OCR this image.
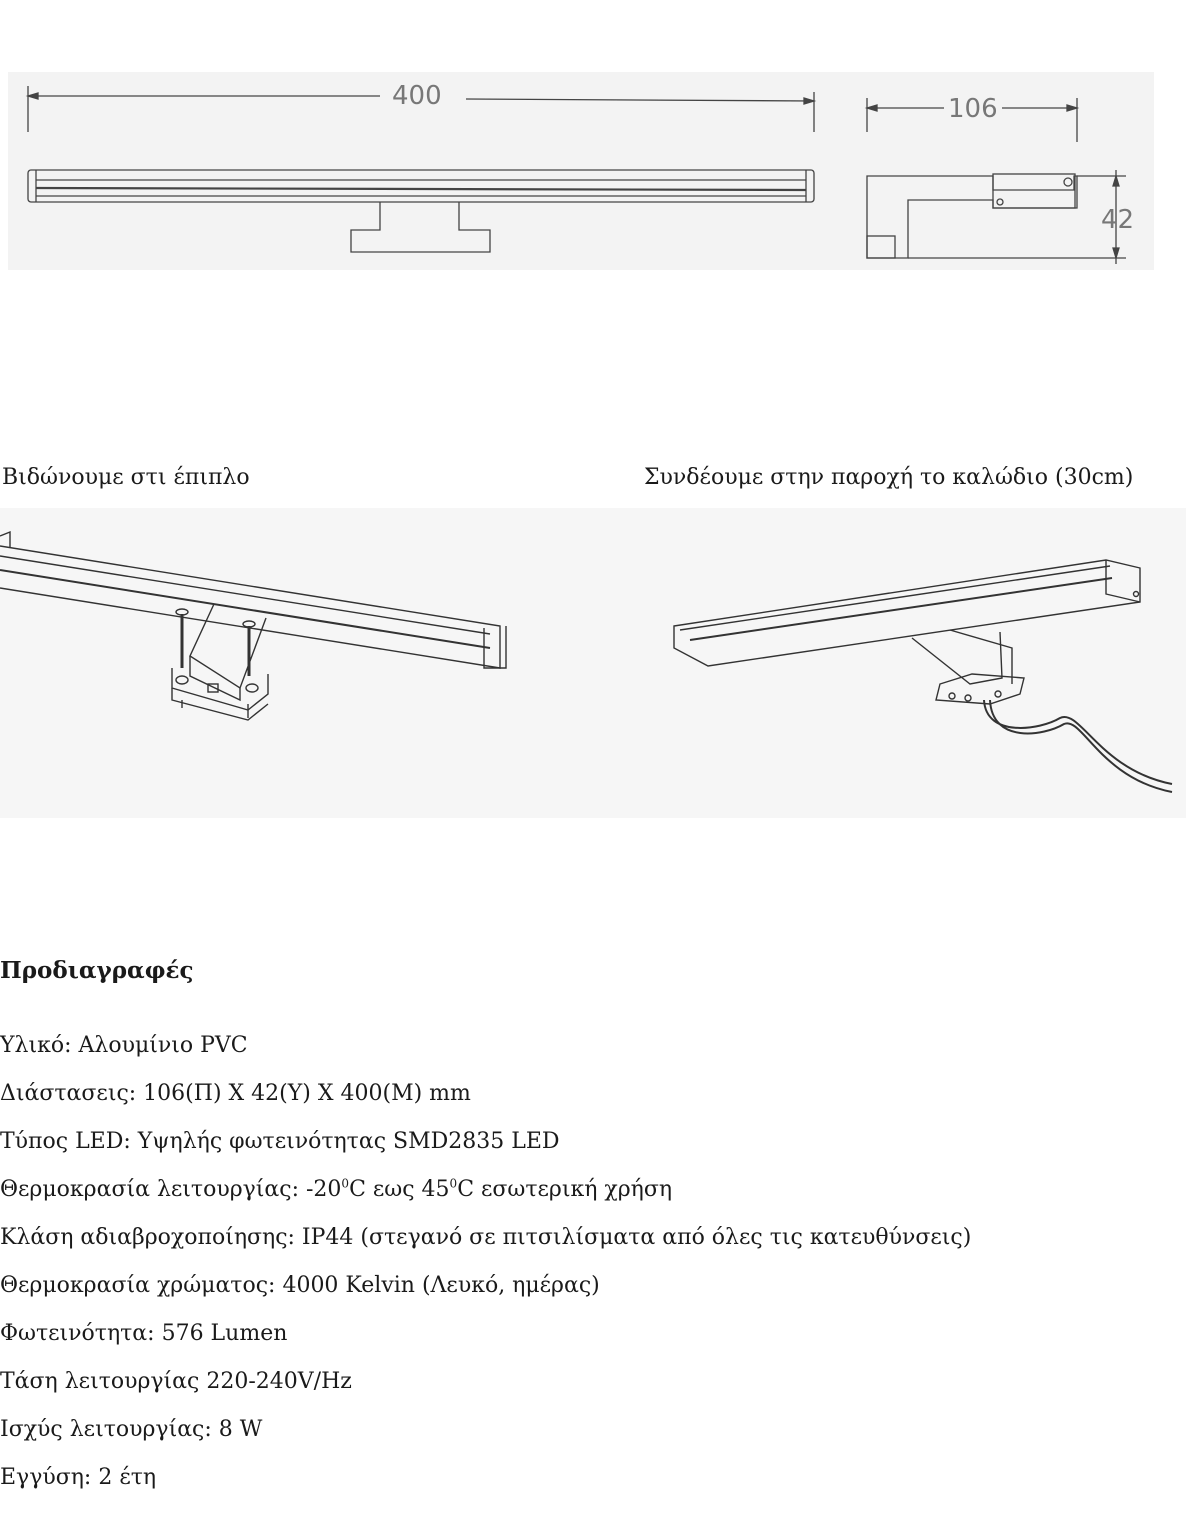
400	106
42
Βιδώνουμε στι έπιπλο	Συνδέουμε στην παροχή το καλώδιο (30cm)
Προδιαγραφές
Υλικό: Αλουμίνιο PVC
Διάστασεις: 106(Π) Χ 42(Υ) Χ 400(Μ) mm
Τύπος LED: Υψηλής φωτεινότητας SMD2835 LED
Θερμοκρασία λειτουργίας: $-20^0C$ εως $45^0C$ εσωτερική χρήση
Κλάση αδιαβροχοποίησης: IP44 (στεγανό σε πιτσιλίσματα από όλες τις κατευθύνσεις)
Θερμοκρασία χρώματος: 4000 Kelvin (Λευκό, ημέρας)
Φωτεινότητα: 576 Lumen
Τάση λειτουργίας 220-240V/Hz
Ισχύς λειτουργίας: 8 W
Εγγύση: 2 έτη
